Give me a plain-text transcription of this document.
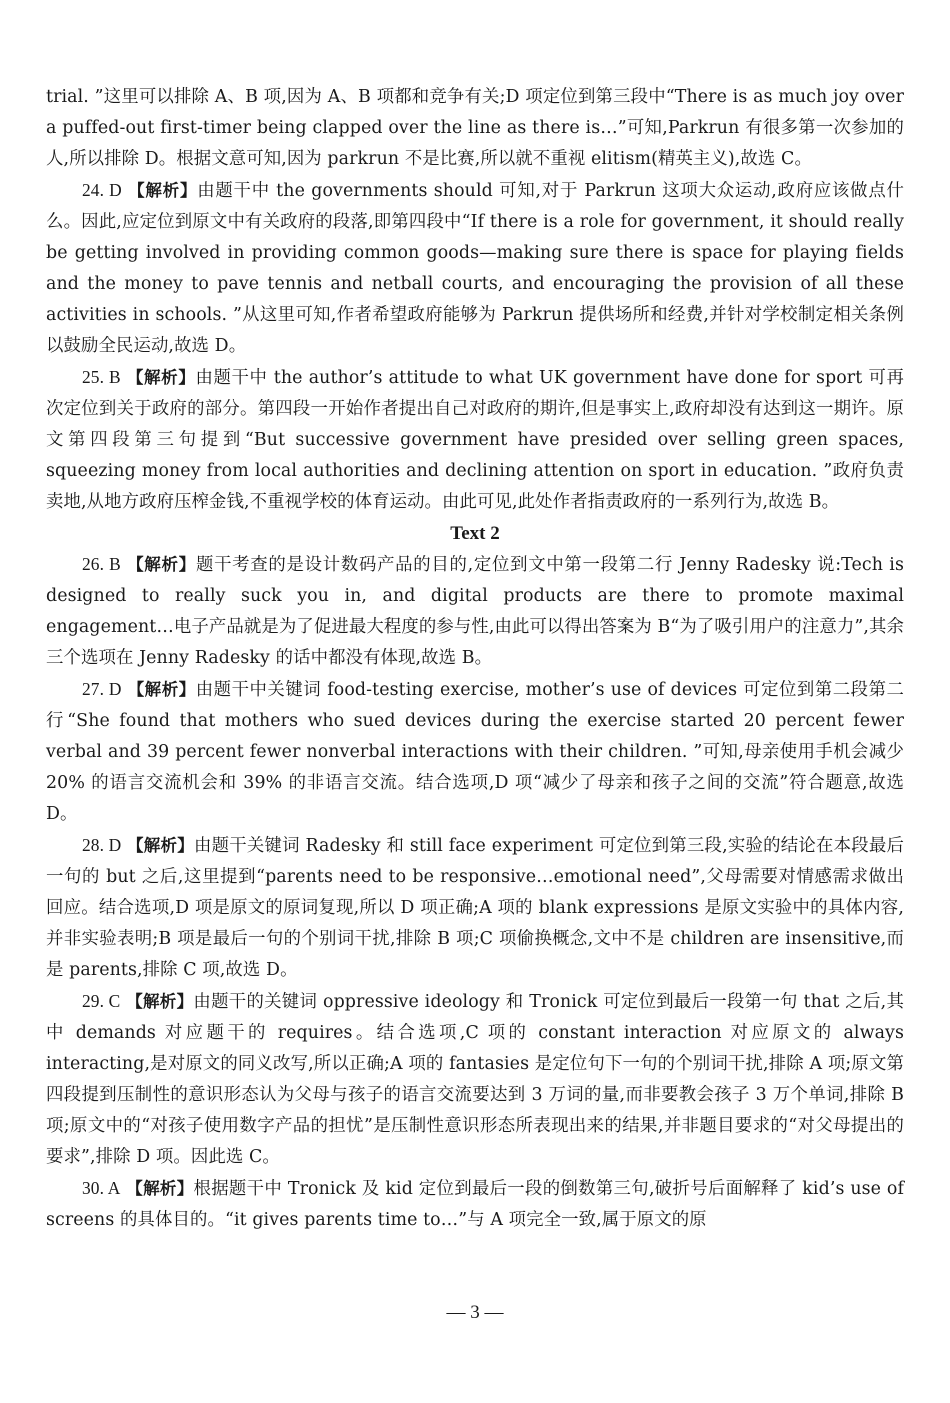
trial. ”这里可以排除 A、B 项,因为 A、B 项都和竞争有关;D 项定位到第三段中“There is as much joy over a puffed-out first-timer being clapped over the line as there is…”可知,Parkrun 有很多第一次参加的人,所以排除 D。根据文意可知,因为 parkrun 不是比赛,所以就不重视 elitism(精英主义),故选 C。

24. D 【解析】由题干中 the governments should 可知,对于 Parkrun 这项大众运动,政府应该做点什么。因此,应定位到原文中有关政府的段落,即第四段中“If there is a role for government, it should really be getting involved in providing common goods—making sure there is space for playing fields and the money to pave tennis and netball courts, and encouraging the provision of all these activities in schools. ”从这里可知,作者希望政府能够为 Parkrun 提供场所和经费,并针对学校制定相关条例以鼓励全民运动,故选 D。

25. B 【解析】由题干中 the author’s attitude to what UK government have done for sport 可再次定位到关于政府的部分。第四段一开始作者提出自己对政府的期许,但是事实上,政府却没有达到这一期许。原文第四段第三句提到“But successive government have presided over selling green spaces, squeezing money from local authorities and declining attention on sport in education. ”政府负责卖地,从地方政府压榨金钱,不重视学校的体育运动。由此可见,此处作者指责政府的一系列行为,故选 B。

Text 2

26. B 【解析】题干考查的是设计数码产品的目的,定位到文中第一段第二行 Jenny Radesky 说:Tech is designed to really suck you in, and digital products are there to promote maximal engagement…电子产品就是为了促进最大程度的参与性,由此可以得出答案为 B“为了吸引用户的注意力”,其余三个选项在 Jenny Radesky 的话中都没有体现,故选 B。

27. D 【解析】由题干中关键词 food-testing exercise, mother’s use of devices 可定位到第二段第二行“She found that mothers who sued devices during the exercise started 20 percent fewer verbal and 39 percent fewer nonverbal interactions with their children. ”可知,母亲使用手机会减少 20% 的语言交流机会和 39% 的非语言交流。结合选项,D 项“减少了母亲和孩子之间的交流”符合题意,故选 D。

28. D 【解析】由题干关键词 Radesky 和 still face experiment 可定位到第三段,实验的结论在本段最后一句的 but 之后,这里提到“parents need to be responsive…emotional need”,父母需要对情感需求做出回应。结合选项,D 项是原文的原词复现,所以 D 项正确;A 项的 blank expressions 是原文实验中的具体内容,并非实验表明;B 项是最后一句的个别词干扰,排除 B 项;C 项偷换概念,文中不是 children are insensitive,而是 parents,排除 C 项,故选 D。

29. C 【解析】由题干的关键词 oppressive ideology 和 Tronick 可定位到最后一段第一句 that 之后,其中 demands 对应题干的 requires。结合选项,C 项的 constant interaction 对应原文的 always interacting,是对原文的同义改写,所以正确;A 项的 fantasies 是定位句下一句的个别词干扰,排除 A 项;原文第四段提到压制性的意识形态认为父母与孩子的语言交流要达到 3 万词的量,而非要教会孩子 3 万个单词,排除 B 项;原文中的“对孩子使用数字产品的担忧”是压制性意识形态所表现出来的结果,并非题目要求的“对父母提出的要求”,排除 D 项。因此选 C。

30. A 【解析】根据题干中 Tronick 及 kid 定位到最后一段的倒数第三句,破折号后面解释了 kid’s use of screens 的具体目的。“it gives parents time to…”与 A 项完全一致,属于原文的原

— 3 —
